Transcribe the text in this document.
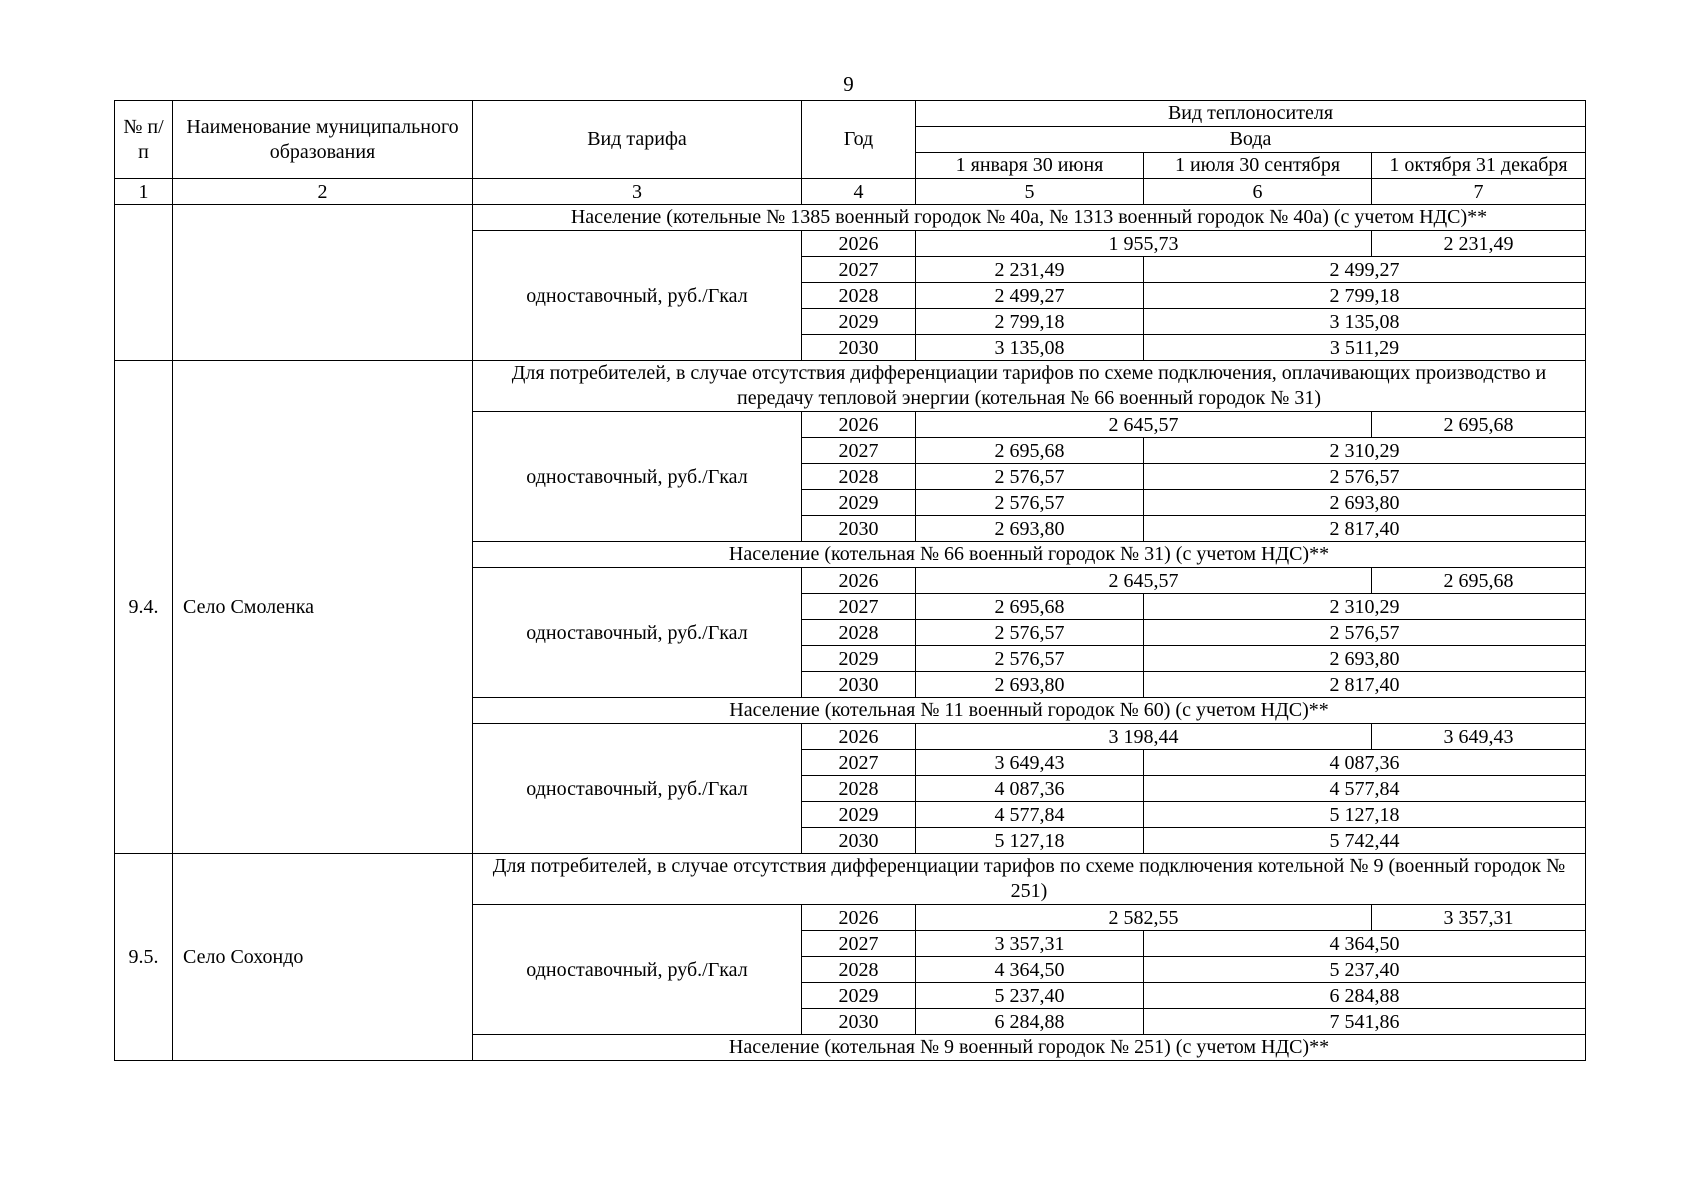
9
№ п/п	Наименование муниципального образования	Вид тарифа	Год	Вид теплоносителя		
				Вода		
				1 января 30 июня	1 июля 30 сентября	1 октября 31 декабря
1	2	3	4	5	6	7
		Население (котельные № 1385 военный городок № 40а, № 1313 военный городок № 40а) (с учетом НДС)**				
		одноставочный, руб./Гкал	2026	1 955,73		2 231,49
			2027	2 231,49	2 499,27	
			2028	2 499,27	2 799,18	
			2029	2 799,18	3 135,08	
			2030	3 135,08	3 511,29	
9.4.	Село Смоленка	Для потребителей, в случае отсутствия дифференциации тарифов по схеме подключения, оплачивающих производство и передачу тепловой энергии (котельная № 66 военный городок № 31)				
		одноставочный, руб./Гкал	2026	2 645,57		2 695,68
			2027	2 695,68	2 310,29	
			2028	2 576,57	2 576,57	
			2029	2 576,57	2 693,80	
			2030	2 693,80	2 817,40	
		Население (котельная № 66 военный городок № 31) (с учетом НДС)**				
		одноставочный, руб./Гкал	2026	2 645,57		2 695,68
			2027	2 695,68	2 310,29	
			2028	2 576,57	2 576,57	
			2029	2 576,57	2 693,80	
			2030	2 693,80	2 817,40	
		Население (котельная № 11 военный городок № 60) (с учетом НДС)**				
		одноставочный, руб./Гкал	2026	3 198,44		3 649,43
			2027	3 649,43	4 087,36	
			2028	4 087,36	4 577,84	
			2029	4 577,84	5 127,18	
			2030	5 127,18	5 742,44	
9.5.	Село Сохондо	Для потребителей, в случае отсутствия дифференциации тарифов по схеме подключения котельной № 9 (военный городок № 251)				
		одноставочный, руб./Гкал	2026	2 582,55		3 357,31
			2027	3 357,31	4 364,50	
			2028	4 364,50	5 237,40	
			2029	5 237,40	6 284,88	
			2030	6 284,88	7 541,86	
		Население (котельная № 9 военный городок № 251) (с учетом НДС)**				
